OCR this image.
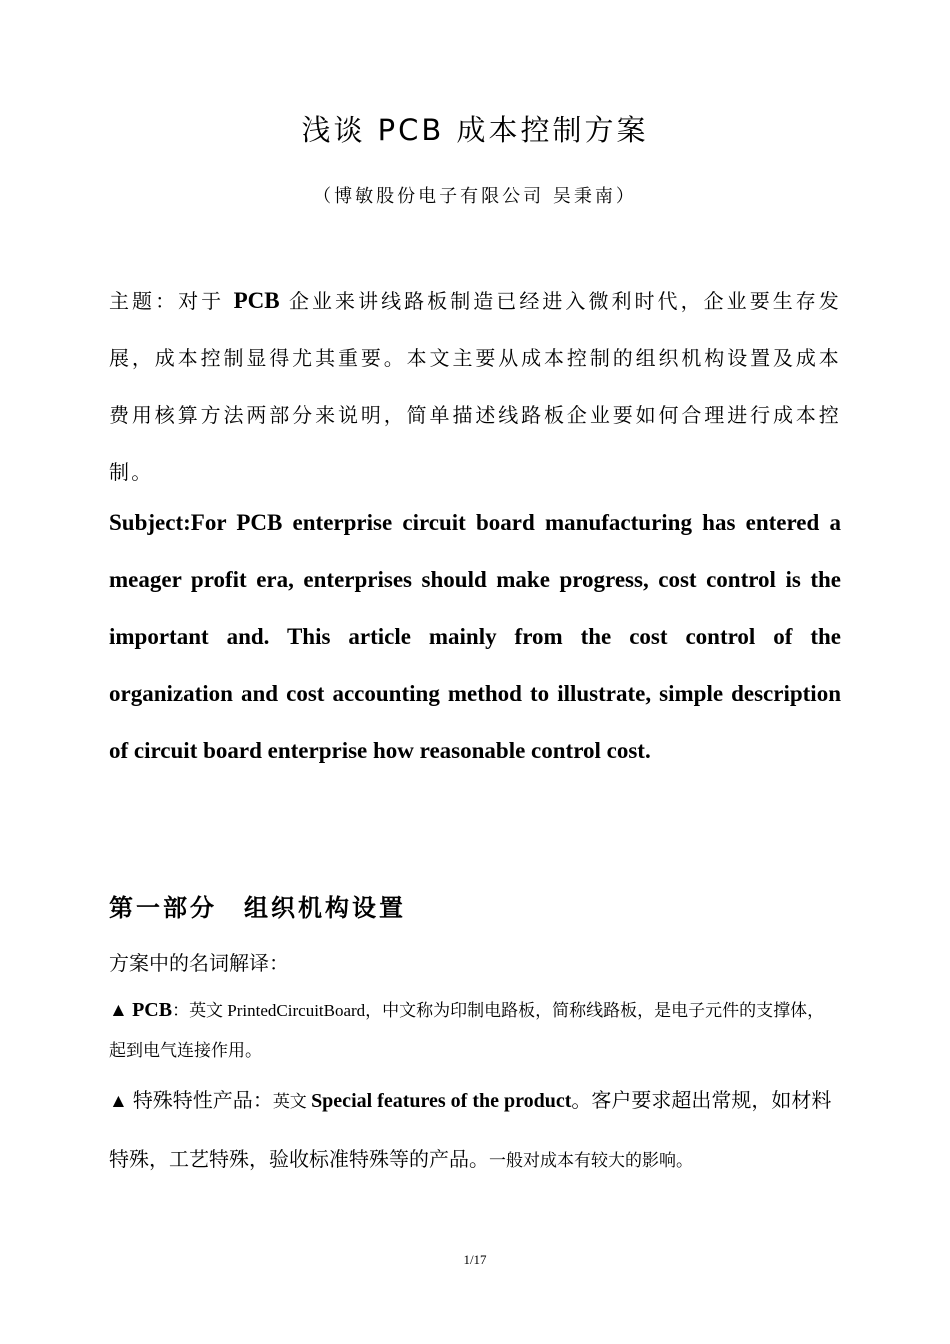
浅谈 PCB 成本控制方案
（博敏股份电子有限公司 吴秉南）
主题：对于 PCB 企业来讲线路板制造已经进入微利时代，企业要生存发展，成本控制显得尤其重要。本文主要从成本控制的组织机构设置及成本费用核算方法两部分来说明，简单描述线路板企业要如何合理进行成本控制。
Subject:For PCB enterprise circuit board manufacturing has entered a meager profit era, enterprises should make progress, cost control is the important and. This article mainly from the cost control of the organization and cost accounting method to illustrate, simple description of circuit board enterprise how reasonable control cost.
第一部分　组织机构设置
方案中的名词解译：
▲ PCB：英文 PrintedCircuitBoard，中文称为印制电路板，简称线路板，是电子元件的支撑体，起到电气连接作用。
▲ 特殊特性产品：英文 Special features of the product。客户要求超出常规，如材料特殊，工艺特殊，验收标准特殊等的产品。一般对成本有较大的影响。
1/17
